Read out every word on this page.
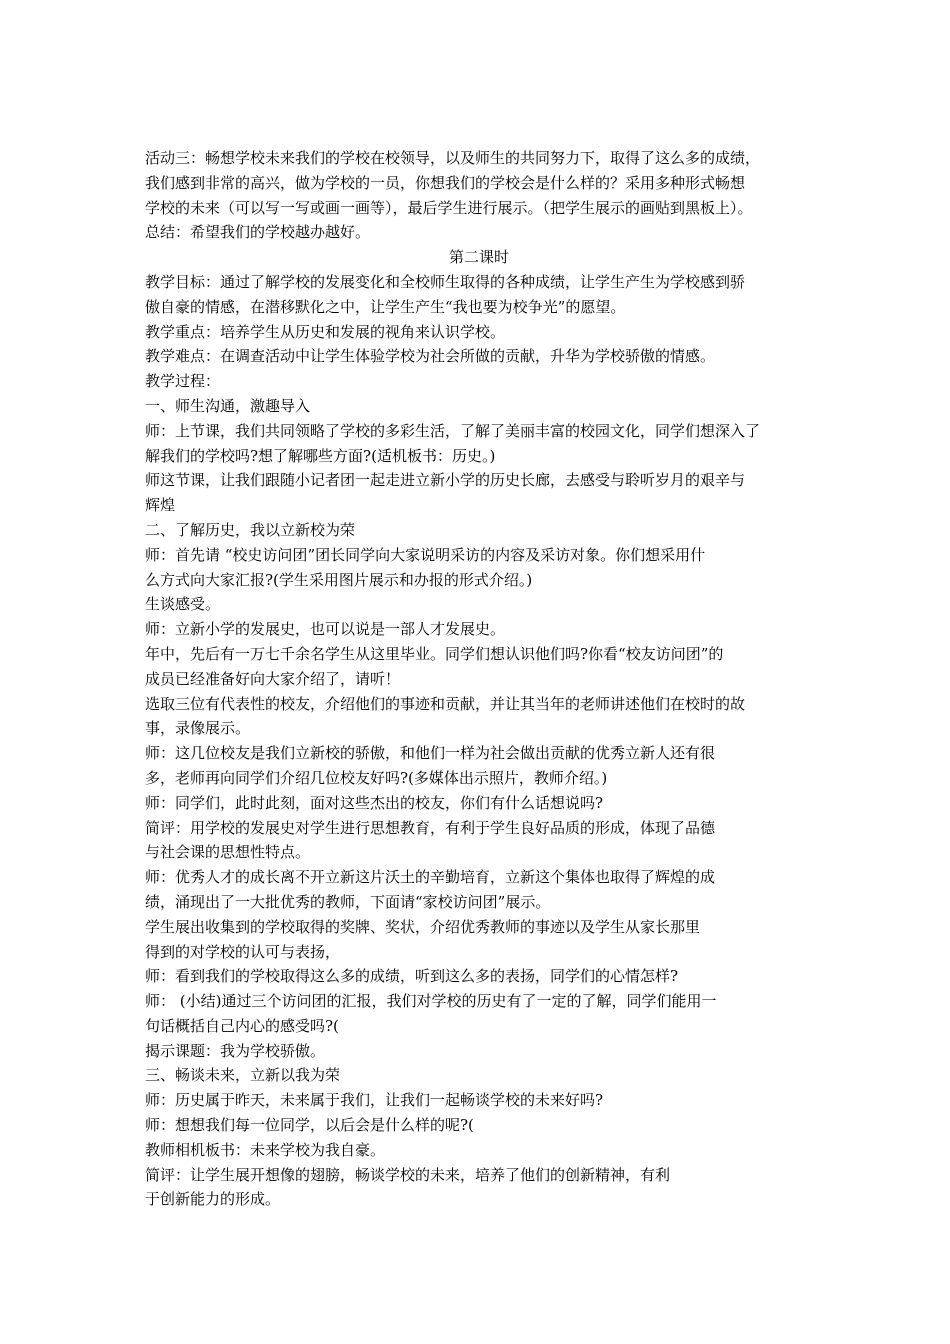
活动三：畅想学校未来我们的学校在校领导，以及师生的共同努力下，取得了这么多的成绩，
我们感到非常的高兴，做为学校的一员，你想我们的学校会是什么样的？采用多种形式畅想
学校的未来（可以写一写或画一画等），最后学生进行展示。（把学生展示的画贴到黑板上）。
总结：希望我们的学校越办越好。
第二课时
教学目标：通过了解学校的发展变化和全校师生取得的各种成绩，让学生产生为学校感到骄
傲自豪的情感，在潜移默化之中，让学生产生“我也要为校争光”的愿望。
教学重点：培养学生从历史和发展的视角来认识学校。
教学难点：在调查活动中让学生体验学校为社会所做的贡献，升华为学校骄傲的情感。
教学过程：
一、师生沟通，激趣导入
师：上节课，我们共同领略了学校的多彩生活，了解了美丽丰富的校园文化，同学们想深入了
解我们的学校吗?想了解哪些方面?(适机板书：历史。)
师这节课，让我们跟随小记者团一起走进立新小学的历史长廊，去感受与聆听岁月的艰辛与
辉煌
二、了解历史，我以立新校为荣
师：首先请 “校史访问团”团长同学向大家说明采访的内容及采访对象。你们想采用什
么方式向大家汇报?(学生采用图片展示和办报的形式介绍。)
生谈感受。
师：立新小学的发展史，也可以说是一部人才发展史。
年中，先后有一万七千余名学生从这里毕业。同学们想认识他们吗?你看“校友访问团”的
成员已经准备好向大家介绍了，请听！
选取三位有代表性的校友，介绍他们的事迹和贡献，并让其当年的老师讲述他们在校时的故
事，录像展示。
师：这几位校友是我们立新校的骄傲，和他们一样为社会做出贡献的优秀立新人还有很
多，老师再向同学们介绍几位校友好吗?(多媒体出示照片，教师介绍。)
师：同学们，此时此刻，面对这些杰出的校友，你们有什么话想说吗?
简评：用学校的发展史对学生进行思想教育，有利于学生良好品质的形成，体现了品德
与社会课的思想性特点。
师：优秀人才的成长离不开立新这片沃土的辛勤培育，立新这个集体也取得了辉煌的成
绩，涌现出了一大批优秀的教师，下面请“家校访问团”展示。
学生展出收集到的学校取得的奖牌、奖状，介绍优秀教师的事迹以及学生从家长那里
得到的对学校的认可与表扬，
师：看到我们的学校取得这么多的成绩，听到这么多的表扬，同学们的心情怎样?
师： (小结)通过三个访问团的汇报，我们对学校的历史有了一定的了解，同学们能用一
句话概括自己内心的感受吗?(
揭示课题：我为学校骄傲。
三、畅谈未来，立新以我为荣
师：历史属于昨天，未来属于我们，让我们一起畅谈学校的未来好吗?
师：想想我们每一位同学，以后会是什么样的呢?(
教师相机板书：未来学校为我自豪。
简评：让学生展开想像的翅膀，畅谈学校的未来，培养了他们的创新精神，有利
于创新能力的形成。
